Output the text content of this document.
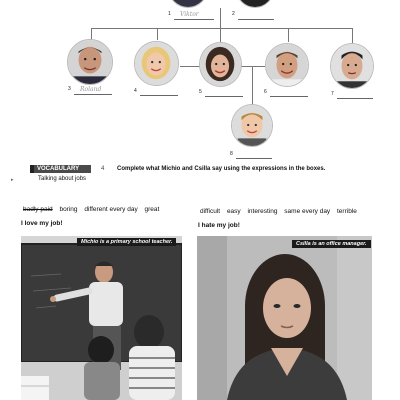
1 Viktor	2
3 Roland	4	5	6	7
8
VOCABULARY
Talking about jobs
▸
4 Complete what Michio and Csilla say using the expressions in the boxes.
badly paid boring different every day great
I love my job!
difficult easy interesting same every day terrible
I hate my job!
Michio is a primary school teacher.	Csilla is an office manager.
